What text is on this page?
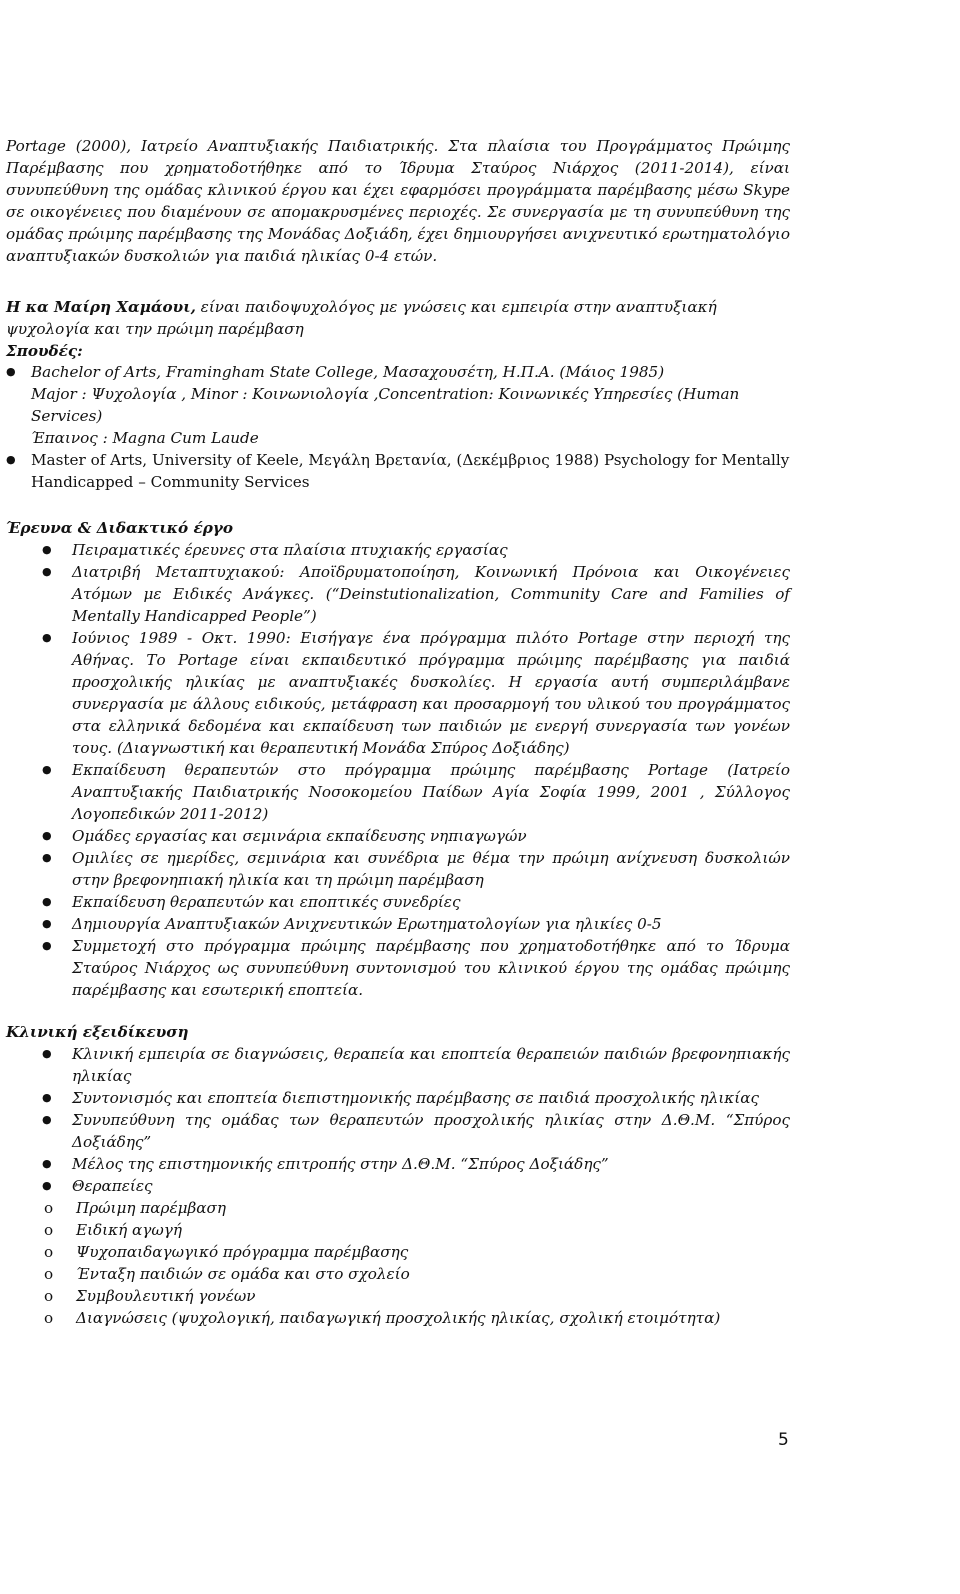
Portage (2000), Ιατρείο Αναπτυξιακής Παιδιατρικής. Στα πλαίσια του Προγράμματος Πρώιμης Παρέμβασης που χρηματοδοτήθηκε από το Ίδρυμα Σταύρος Νιάρχος (2011-2014), είναι συνυπεύθυνη της ομάδας κλινικού έργου και έχει εφαρμόσει προγράμματα παρέμβασης μέσω Skype σε οικογένειες που διαμένουν σε απομακρυσμένες περιοχές. Σε συνεργασία με τη συνυπεύθυνη της ομάδας πρώιμης παρέμβασης της Μονάδας Δοξιάδη, έχει δημιουργήσει ανιχνευτικό ερωτηματολόγιο αναπτυξιακών δυσκολιών για παιδιά ηλικίας 0-4 ετών.

Η κα Μαίρη Χαμάουι, είναι παιδοψυχολόγος με γνώσεις και εμπειρία στην αναπτυξιακή ψυχολογία και την πρώιμη παρέμβαση

Σπουδές:

● Bachelor of Arts, Framingham State College, Μασαχουσέτη, Η.Π.Α. (Μάιος 1985)
Major : Ψυχολογία , Minor : Κοινωνιολογία ,Concentration: Κοινωνικές Υπηρεσίες (Human Services)
Έπαινος : Magna Cum Laude
● Master of Arts, University of Keele, Μεγάλη Βρετανία, (Δεκέμβριος 1988) Psychology for Mentally Handicapped – Community Services

Έρευνα & Διδακτικό έργο

● Πειραματικές έρευνες στα πλαίσια πτυχιακής εργασίας
● Διατριβή Μεταπτυχιακού: Αποϊδρυματοποίηση, Κοινωνική Πρόνοια και Οικογένειες Ατόμων με Ειδικές Ανάγκες. (“Deinstutionalization, Community Care and Families of Mentally Handicapped People”)
● Ιούνιος 1989 - Οκτ. 1990: Εισήγαγε ένα πρόγραμμα πιλότο Portage στην περιοχή της Αθήνας. Το Portage είναι εκπαιδευτικό πρόγραμμα πρώιμης παρέμβασης για παιδιά προσχολικής ηλικίας με αναπτυξιακές δυσκολίες. Η εργασία αυτή συμπεριλάμβανε συνεργασία με άλλους ειδικούς, μετάφραση και προσαρμογή του υλικού του προγράμματος στα ελληνικά δεδομένα και εκπαίδευση των παιδιών με ενεργή συνεργασία των γονέων τους. (Διαγνωστική και θεραπευτική Μονάδα Σπύρος Δοξιάδης)
● Εκπαίδευση θεραπευτών στο πρόγραμμα πρώιμης παρέμβασης Portage (Ιατρείο Αναπτυξιακής Παιδιατρικής Νοσοκομείου Παίδων Αγία Σοφία 1999, 2001 , Σύλλογος Λογοπεδικών 2011-2012)
● Ομάδες εργασίας και σεμινάρια εκπαίδευσης νηπιαγωγών
● Ομιλίες σε ημερίδες, σεμινάρια και συνέδρια με θέμα την πρώιμη ανίχνευση δυσκολιών στην βρεφονηπιακή ηλικία και τη πρώιμη παρέμβαση
● Εκπαίδευση θεραπευτών και εποπτικές συνεδρίες
● Δημιουργία Αναπτυξιακών Ανιχνευτικών Ερωτηματολογίων για ηλικίες 0-5
● Συμμετοχή στο πρόγραμμα πρώιμης παρέμβασης που χρηματοδοτήθηκε από το Ίδρυμα Σταύρος Νιάρχος ως συνυπεύθυνη συντονισμού του κλινικού έργου της ομάδας πρώιμης παρέμβασης και εσωτερική εποπτεία.

Κλινική εξειδίκευση

● Κλινική εμπειρία σε διαγνώσεις, θεραπεία και εποπτεία θεραπειών παιδιών βρεφονηπιακής ηλικίας
● Συντονισμός και εποπτεία διεπιστημονικής παρέμβασης σε παιδιά προσχολικής ηλικίας
● Συνυπεύθυνη της ομάδας των θεραπευτών προσχολικής ηλικίας στην Δ.Θ.Μ. “Σπύρος Δοξιάδης”
● Μέλος της επιστημονικής επιτροπής στην Δ.Θ.Μ. “Σπύρος Δοξιάδης”
● Θεραπείες
o Πρώιμη παρέμβαση
o Ειδική αγωγή
o Ψυχοπαιδαγωγικό πρόγραμμα παρέμβασης
o Ένταξη παιδιών σε ομάδα και στο σχολείο
o Συμβουλευτική γονέων
o Διαγνώσεις (ψυχολογική, παιδαγωγική προσχολικής ηλικίας, σχολική ετοιμότητα)

5
